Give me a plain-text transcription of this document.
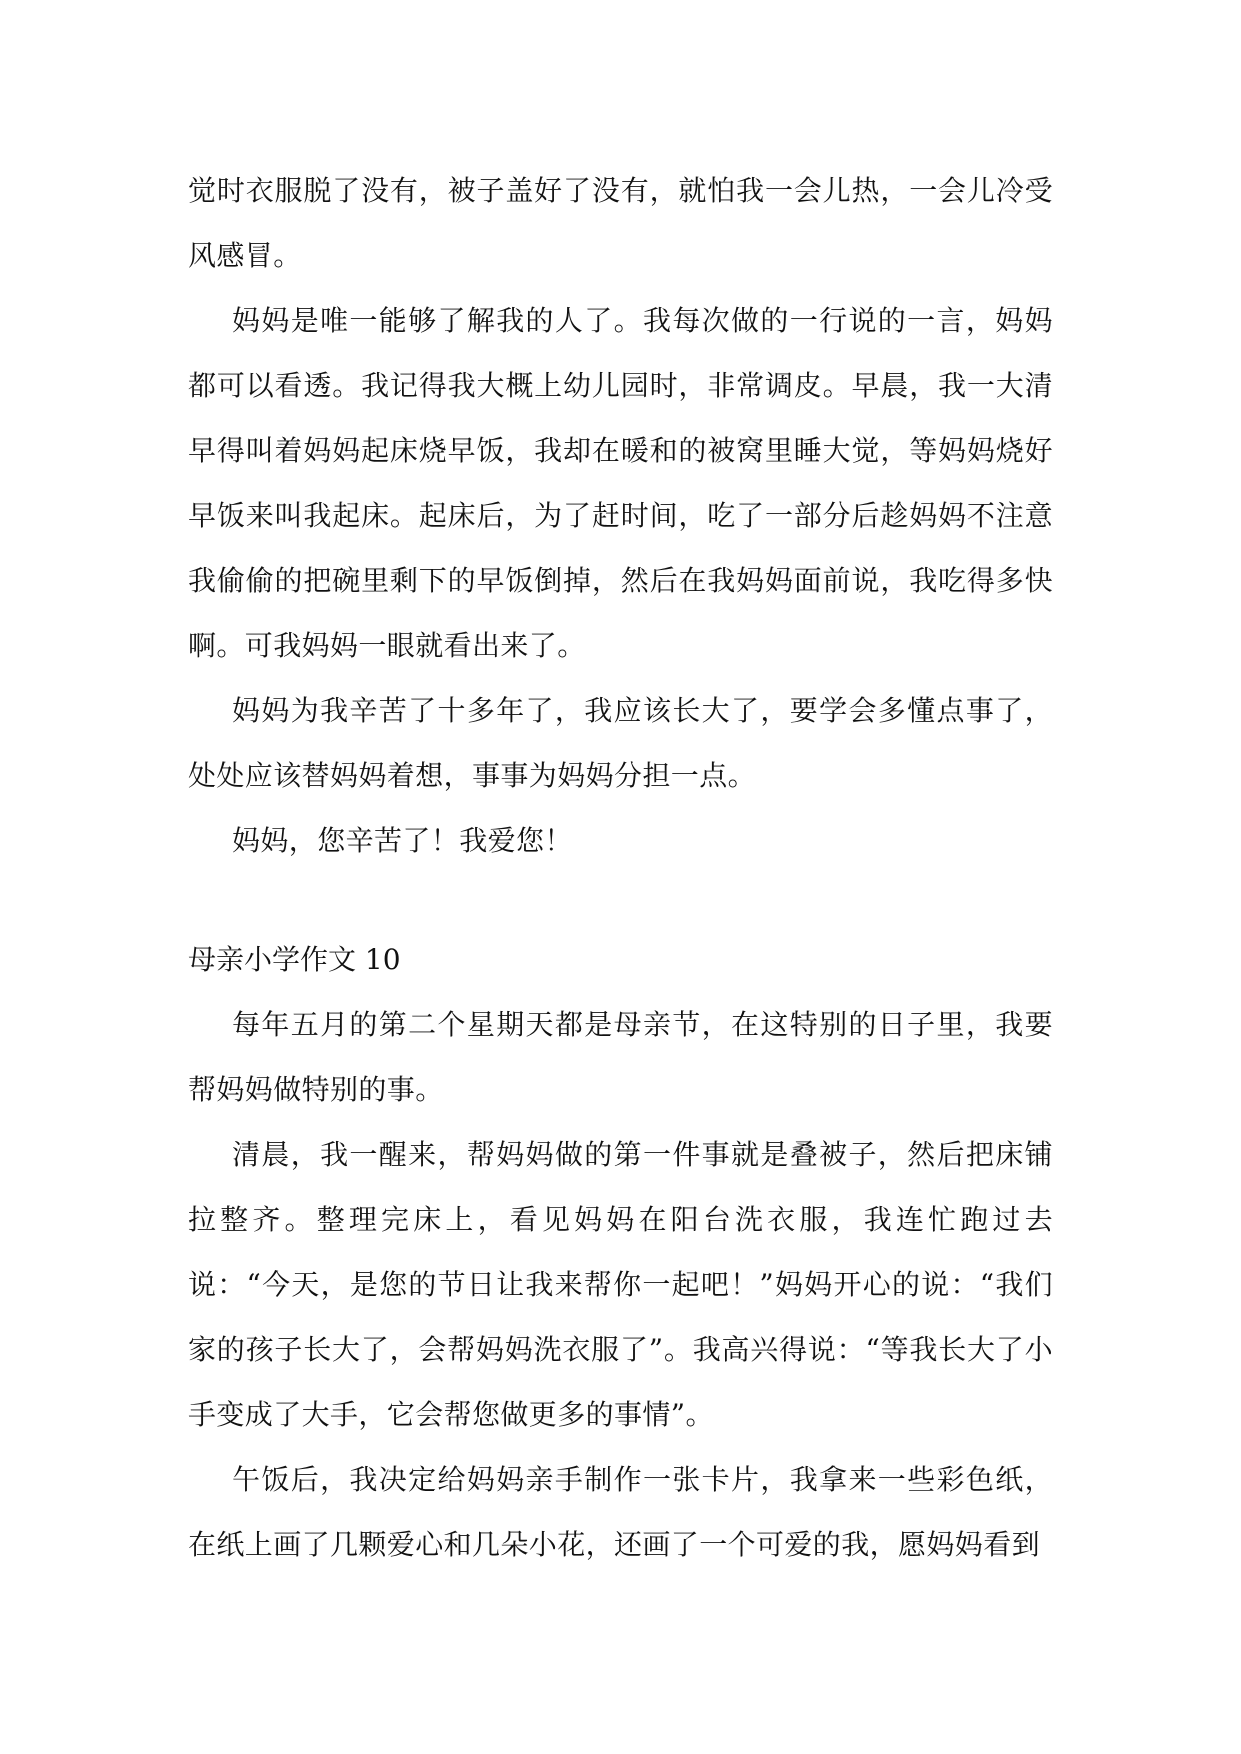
觉时衣服脱了没有，被子盖好了没有，就怕我一会儿热，一会儿冷受风感冒。

妈妈是唯一能够了解我的人了。我每次做的一行说的一言，妈妈都可以看透。我记得我大概上幼儿园时，非常调皮。早晨，我一大清早得叫着妈妈起床烧早饭，我却在暖和的被窝里睡大觉，等妈妈烧好早饭来叫我起床。起床后，为了赶时间，吃了一部分后趁妈妈不注意我偷偷的把碗里剩下的早饭倒掉，然后在我妈妈面前说，我吃得多快啊。可我妈妈一眼就看出来了。

妈妈为我辛苦了十多年了，我应该长大了，要学会多懂点事了，处处应该替妈妈着想，事事为妈妈分担一点。

妈妈，您辛苦了！我爱您！

母亲小学作文 10

每年五月的第二个星期天都是母亲节，在这特别的日子里，我要帮妈妈做特别的事。

清晨，我一醒来，帮妈妈做的第一件事就是叠被子，然后把床铺拉整齐。整理完床上，看见妈妈在阳台洗衣服，我连忙跑过去说：“今天，是您的节日让我来帮你一起吧！”妈妈开心的说：“我们家的孩子长大了，会帮妈妈洗衣服了”。我高兴得说：“等我长大了小手变成了大手，它会帮您做更多的事情”。

午饭后，我决定给妈妈亲手制作一张卡片，我拿来一些彩色纸，在纸上画了几颗爱心和几朵小花，还画了一个可爱的我，愿妈妈看到
